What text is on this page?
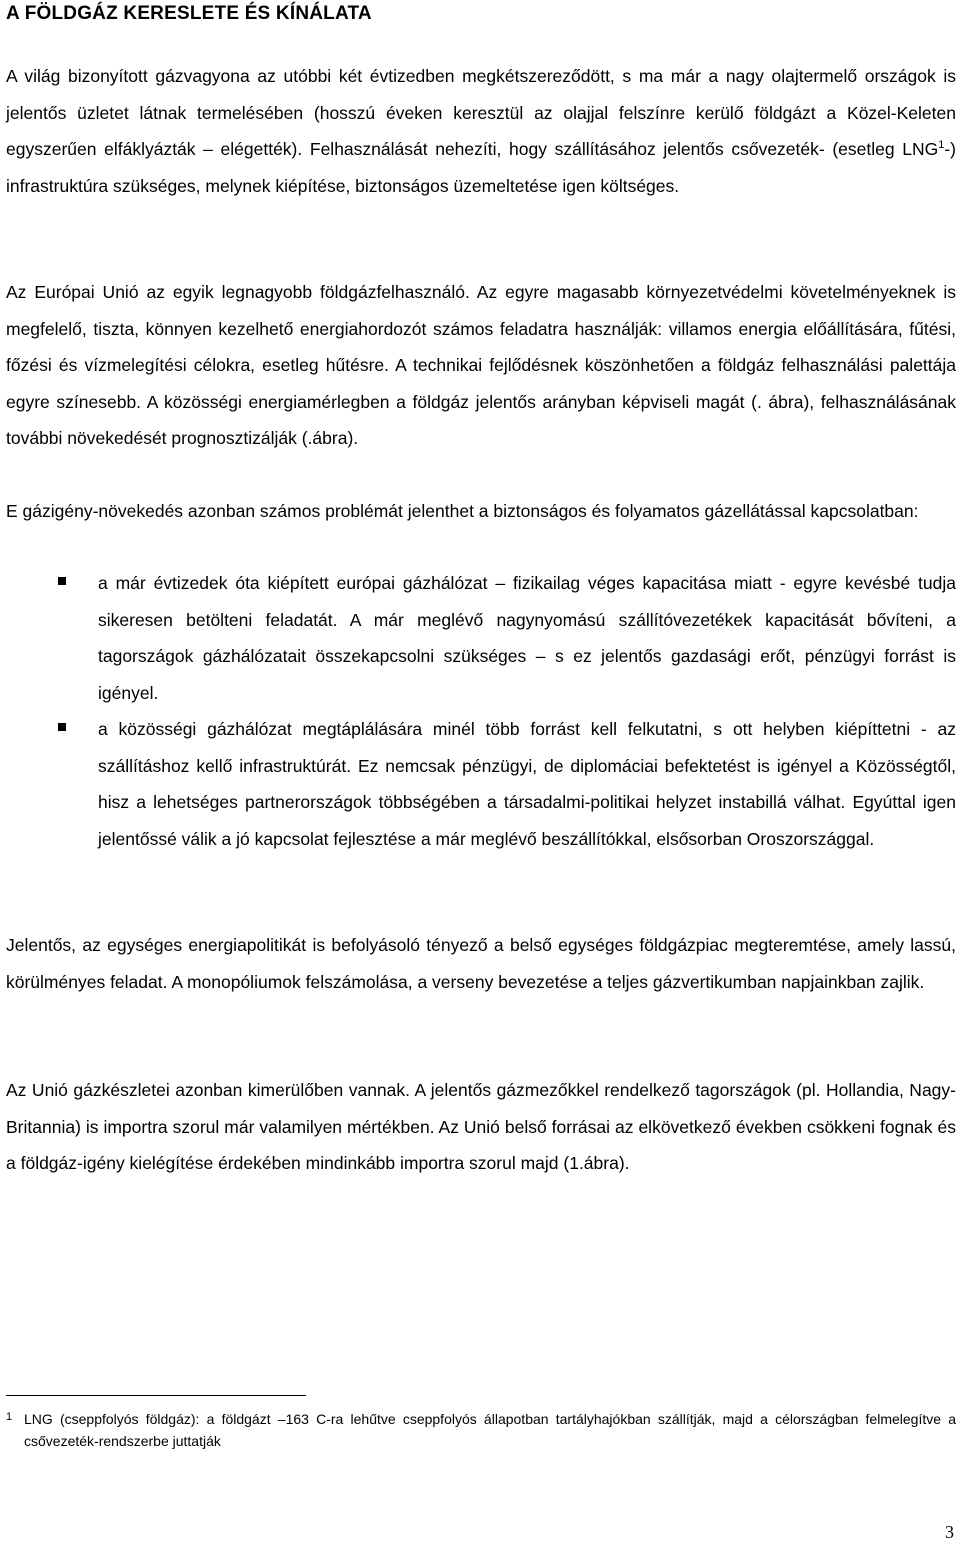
A FÖLDGÁZ KERESLETE ÉS KÍNÁLATA
A világ bizonyított gázvagyona az utóbbi két évtizedben megkétszereződött, s ma már a nagy olajtermelő országok is jelentős üzletet látnak termelésében (hosszú éveken keresztül az olajjal felszínre kerülő földgázt a Közel-Keleten egyszerűen elfáklyázták – elégették). Felhasználását nehezíti, hogy szállításához jelentős csővezeték- (esetleg LNG$^1$-) infrastruktúra szükséges, melynek kiépítése, biztonságos üzemeltetése igen költséges.
Az Európai Unió az egyik legnagyobb földgázfelhasználó. Az egyre magasabb környezetvédelmi követelményeknek is megfelelő, tiszta, könnyen kezelhető energiahordozót számos feladatra használják: villamos energia előállítására, fűtési, főzési és vízmelegítési célokra, esetleg hűtésre. A technikai fejlődésnek köszönhetően a földgáz felhasználási palettája egyre színesebb. A közösségi energiamérlegben a földgáz jelentős arányban képviseli magát (. ábra), felhasználásának további növekedését prognosztizálják (.ábra).
E gázigény-növekedés azonban számos problémát jelenthet a biztonságos és folyamatos gázellátással kapcsolatban:
a már évtizedek óta kiépített európai gázhálózat – fizikailag véges kapacitása miatt - egyre kevésbé tudja sikeresen betölteni feladatát. A már meglévő nagynyomású szállítóvezetékek kapacitását bővíteni, a tagországok gázhálózatait összekapcsolni szükséges – s ez jelentős gazdasági erőt, pénzügyi forrást is igényel.
a közösségi gázhálózat megtáplálására minél több forrást kell felkutatni, s ott helyben kiépíttetni - az szállításhoz kellő infrastruktúrát. Ez nemcsak pénzügyi, de diplomáciai befektetést is igényel a Közösségtől, hisz a lehetséges partnerországok többségében a társadalmi-politikai helyzet instabillá válhat. Egyúttal igen jelentőssé válik a jó kapcsolat fejlesztése a már meglévő beszállítókkal, elsősorban Oroszországgal.
Jelentős, az egységes energiapolitikát is befolyásoló tényező a belső egységes földgázpiac megteremtése, amely lassú, körülményes feladat. A monopóliumok felszámolása, a verseny bevezetése a teljes gázvertikumban napjainkban zajlik.
Az Unió gázkészletei azonban kimerülőben vannak. A jelentős gázmezőkkel rendelkező tagországok (pl. Hollandia, Nagy-Britannia) is importra szorul már valamilyen mértékben. Az Unió belső forrásai az elkövetkező években csökkeni fognak és a földgáz-igény kielégítése érdekében mindinkább importra szorul majd (1.ábra).
1 LNG (cseppfolyós földgáz): a földgázt –163 C-ra lehűtve cseppfolyós állapotban tartályhajókban szállítják, majd a célországban felmelegítve a csővezeték-rendszerbe juttatják
3
